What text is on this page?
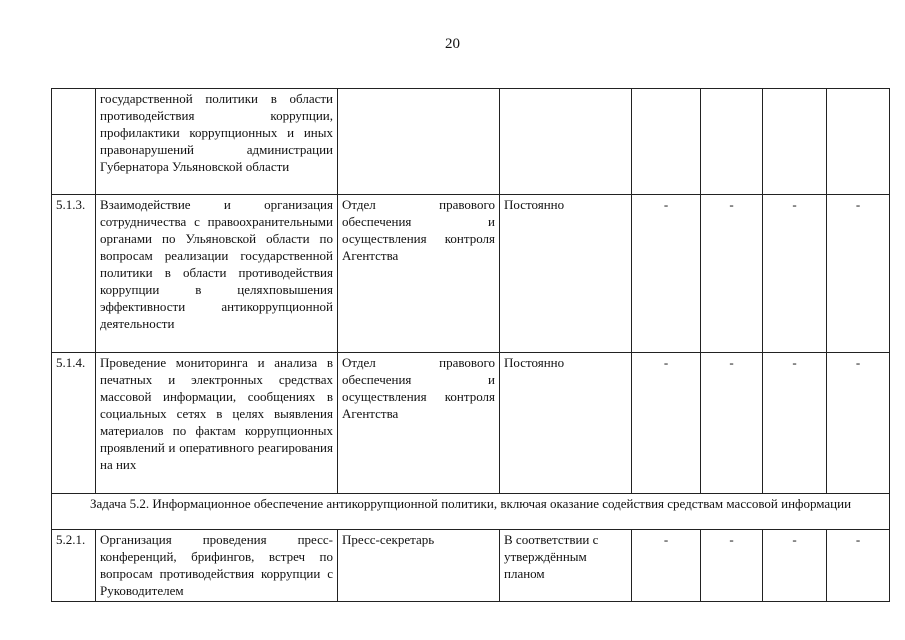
20
	государственной политики в области противодействия коррупции, профилактики коррупционных и иных правонарушений администрации Губернатора Ульяновской области						
5.1.3.	Взаимодействие и организация сотрудничества с правоохранительными органами по Ульяновской области по вопросам реализации государственной политики в области противодействия коррупции в целяхповышения эффективности антикоррупционной деятельности	Отдел правового обеспечения и осуществления контроля Агентства	Постоянно	-	-	-	-
5.1.4.	Проведение мониторинга и анализа в печатных и электронных средствах массовой информации, сообщениях в социальных сетях в целях выявления материалов по фактам коррупционных проявлений и оперативного реагирования на них	Отдел правового обеспечения и осуществления контроля Агентства	Постоянно	-	-	-	-
Задача 5.2. Информационное обеспечение антикоррупционной политики, включая оказание содействия средствам массовой информации							
5.2.1.	Организация проведения пресс-конференций, брифингов, встреч по вопросам противодействия коррупции с Руководителем	Пресс-секретарь	В соответствии с утверждённым планом	-	-	-	-
